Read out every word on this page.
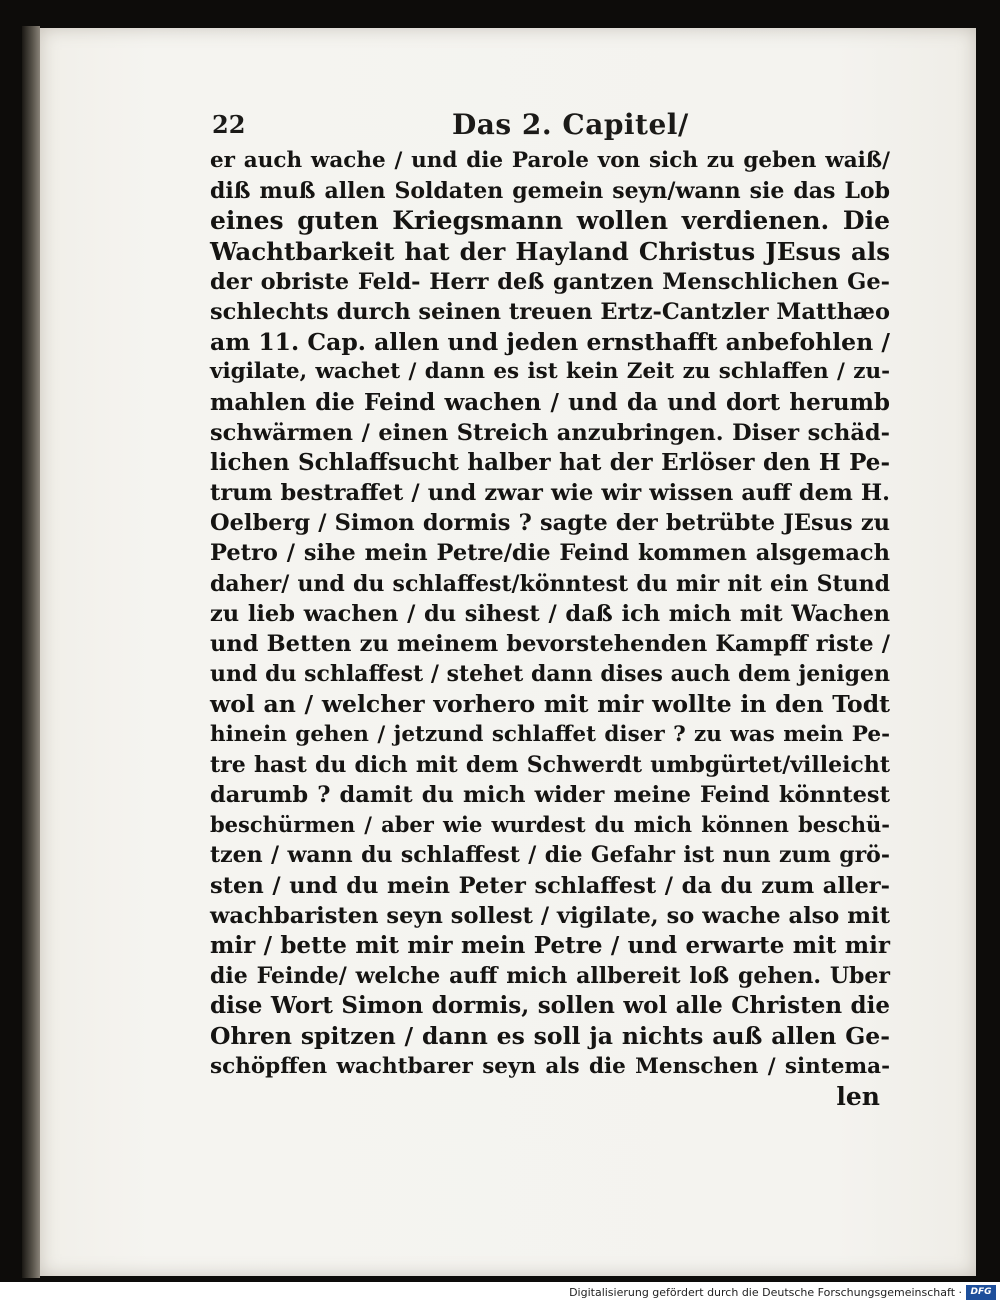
22	Das 2. Capitel/
er auch wache / und die Parole von sich zu geben waiß/
diß muß allen Soldaten gemein seyn/wann sie das Lob
eines guten Kriegsmann wollen verdienen. Die
Wachtbarkeit hat der Hayland Christus JEsus als
der obriste Feld- Herr deß gantzen Menschlichen Ge-
schlechts durch seinen treuen Ertz-Cantzler Matthæo
am 11. Cap. allen und jeden ernsthafft anbefohlen /
vigilate, wachet / dann es ist kein Zeit zu schlaffen / zu-
mahlen die Feind wachen / und da und dort herumb
schwärmen / einen Streich anzubringen. Diser schäd-
lichen Schlaffsucht halber hat der Erlöser den H Pe-
trum bestraffet / und zwar wie wir wissen auff dem H.
Oelberg / Simon dormis ? sagte der betrübte JEsus zu
Petro / sihe mein Petre/die Feind kommen alsgemach
daher/ und du schlaffest/könntest du mir nit ein Stund
zu lieb wachen / du sihest / daß ich mich mit Wachen
und Betten zu meinem bevorstehenden Kampff riste /
und du schlaffest / stehet dann dises auch dem jenigen
wol an / welcher vorhero mit mir wollte in den Todt
hinein gehen / jetzund schlaffet diser ? zu was mein Pe-
tre hast du dich mit dem Schwerdt umbgürtet/villeicht
darumb ? damit du mich wider meine Feind könntest
beschürmen / aber wie wurdest du mich können beschü-
tzen / wann du schlaffest / die Gefahr ist nun zum grö-
sten / und du mein Peter schlaffest / da du zum aller-
wachbaristen seyn sollest / vigilate, so wache also mit
mir / bette mit mir mein Petre / und erwarte mit mir
die Feinde/ welche auff mich allbereit loß gehen. Uber
dise Wort Simon dormis, sollen wol alle Christen die
Ohren spitzen / dann es soll ja nichts auß allen Ge-
schöpffen wachtbarer seyn als die Menschen / sintema-
len
Digitalisierung gefördert durch die Deutsche Forschungsgemeinschaft · DFG
